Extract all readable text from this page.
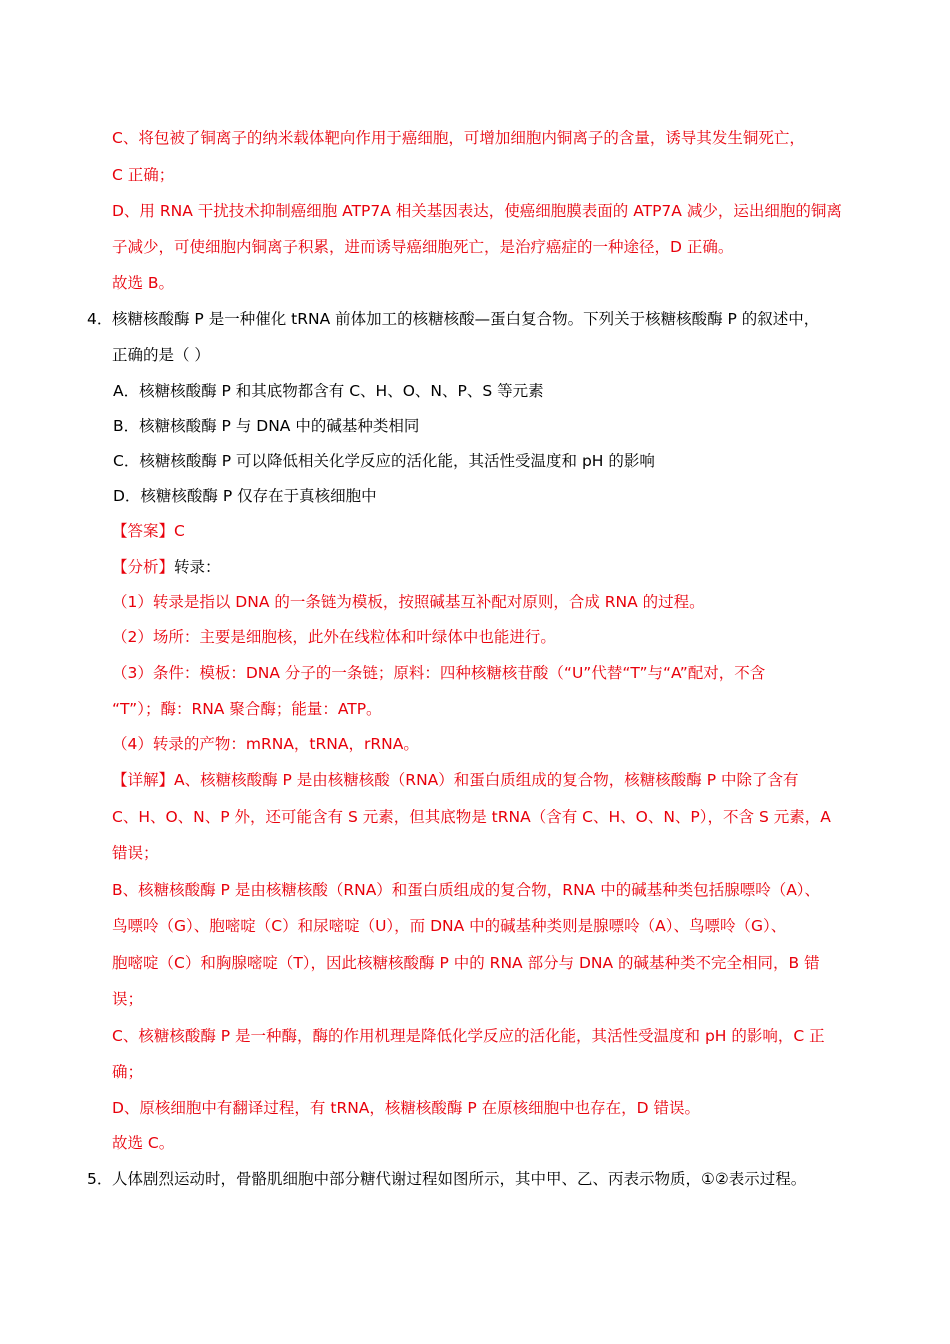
C、将包被了铜离子的纳米载体靶向作用于癌细胞，可增加细胞内铜离子的含量，诱导其发生铜死亡，
C 正确；
D、用 RNA 干扰技术抑制癌细胞 ATP7A 相关基因表达，使癌细胞膜表面的 ATP7A 减少，运出细胞的铜离
子减少，可使细胞内铜离子积累，进而诱导癌细胞死亡，是治疗癌症的一种途径，D 正确。
故选 B。
4． 核糖核酸酶 P 是一种催化 tRNA 前体加工的核糖核酸—蛋白复合物。下列关于核糖核酸酶 P 的叙述中，
正确的是（ ）
A．核糖核酸酶 P 和其底物都含有 C、H、O、N、P、S 等元素
B．核糖核酸酶 P 与 DNA 中的碱基种类相同
C．核糖核酸酶 P 可以降低相关化学反应的活化能，其活性受温度和 pH 的影响
D．核糖核酸酶 P 仅存在于真核细胞中
【答案】C
【分析】转录：
（1）转录是指以 DNA 的一条链为模板，按照碱基互补配对原则，合成 RNA 的过程。
（2）场所：主要是细胞核，此外在线粒体和叶绿体中也能进行。
（3）条件：模板：DNA 分子的一条链；原料：四种核糖核苷酸（“U”代替“T”与“A”配对，不含
“T”）；酶：RNA 聚合酶；能量：ATP。
（4）转录的产物：mRNA，tRNA，rRNA。
【详解】A、核糖核酸酶 P 是由核糖核酸（RNA）和蛋白质组成的复合物，核糖核酸酶 P 中除了含有
C、H、O、N、P 外，还可能含有 S 元素，但其底物是 tRNA（含有 C、H、O、N、P），不含 S 元素，A
错误；
B、核糖核酸酶 P 是由核糖核酸（RNA）和蛋白质组成的复合物，RNA 中的碱基种类包括腺嘌呤（A）、
鸟嘌呤（G）、胞嘧啶（C）和尿嘧啶（U），而 DNA 中的碱基种类则是腺嘌呤（A）、鸟嘌呤（G）、
胞嘧啶（C）和胸腺嘧啶（T），因此核糖核酸酶 P 中的 RNA 部分与 DNA 的碱基种类不完全相同，B 错
误；
C、核糖核酸酶 P 是一种酶，酶的作用机理是降低化学反应的活化能，其活性受温度和 pH 的影响，C 正
确；
D、原核细胞中有翻译过程，有 tRNA，核糖核酸酶 P 在原核细胞中也存在，D 错误。
故选 C。
5． 人体剧烈运动时，骨骼肌细胞中部分糖代谢过程如图所示，其中甲、乙、丙表示物质，①②表示过程。
